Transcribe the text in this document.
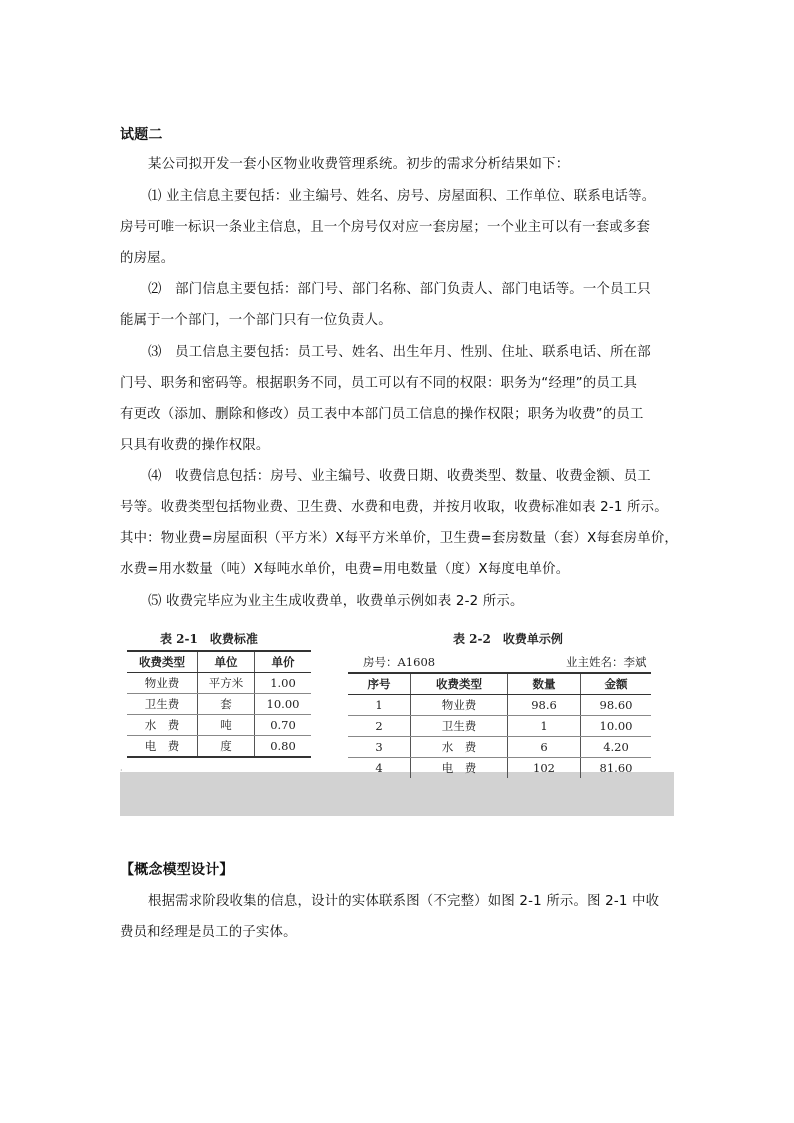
试题二
某公司拟开发一套小区物业收费管理系统。初步的需求分析结果如下：
⑴ 业主信息主要包括：业主编号、姓名、房号、房屋面积、工作单位、联系电话等。
房号可唯一标识一条业主信息，且一个房号仅对应一套房屋；一个业主可以有一套或多套
的房屋。
⑵　部门信息主要包括：部门号、部门名称、部门负责人、部门电话等。一个员工只
能属于一个部门，一个部门只有一位负责人。
⑶　员工信息主要包括：员工号、姓名、出生年月、性别、住址、联系电话、所在部
门号、职务和密码等。根据职务不同，员工可以有不同的权限：职务为“经理”的员工具
有更改（添加、删除和修改）员工表中本部门员工信息的操作权限；职务为收费”的员工
只具有收费的操作权限。
⑷　收费信息包括：房号、业主编号、收费日期、收费类型、数量、收费金额、员工
号等。收费类型包括物业费、卫生费、水费和电费，并按月收取，收费标准如表 2-1 所示。
其中：物业费=房屋面积（平方米）X每平方米单价，卫生费=套房数量（套）X每套房单价，
水费=用水数量（吨）X每吨水单价，电费=用电数量（度）X每度电单价。
⑸ 收费完毕应为业主生成收费单，收费单示例如表 2-2 所示。
表 2-1　收费标准
收费类型	单位	单价
物业费	平方米	1.00
卫生费	套	10.00
水　费	吨	0.70
电　费	度	0.80
·
表 2-2　收费单示例
房号：A1608	业主姓名：李斌
序号	收费类型	数量	金额
1	物业费	98.6	98.60
2	卫生费	1	10.00
3	水　费	6	4.20
4	电　费	102	81.60
【概念模型设计】
根据需求阶段收集的信息，设计的实体联系图（不完整）如图 2-1 所示。图 2-1 中收
费员和经理是员工的子实体。
